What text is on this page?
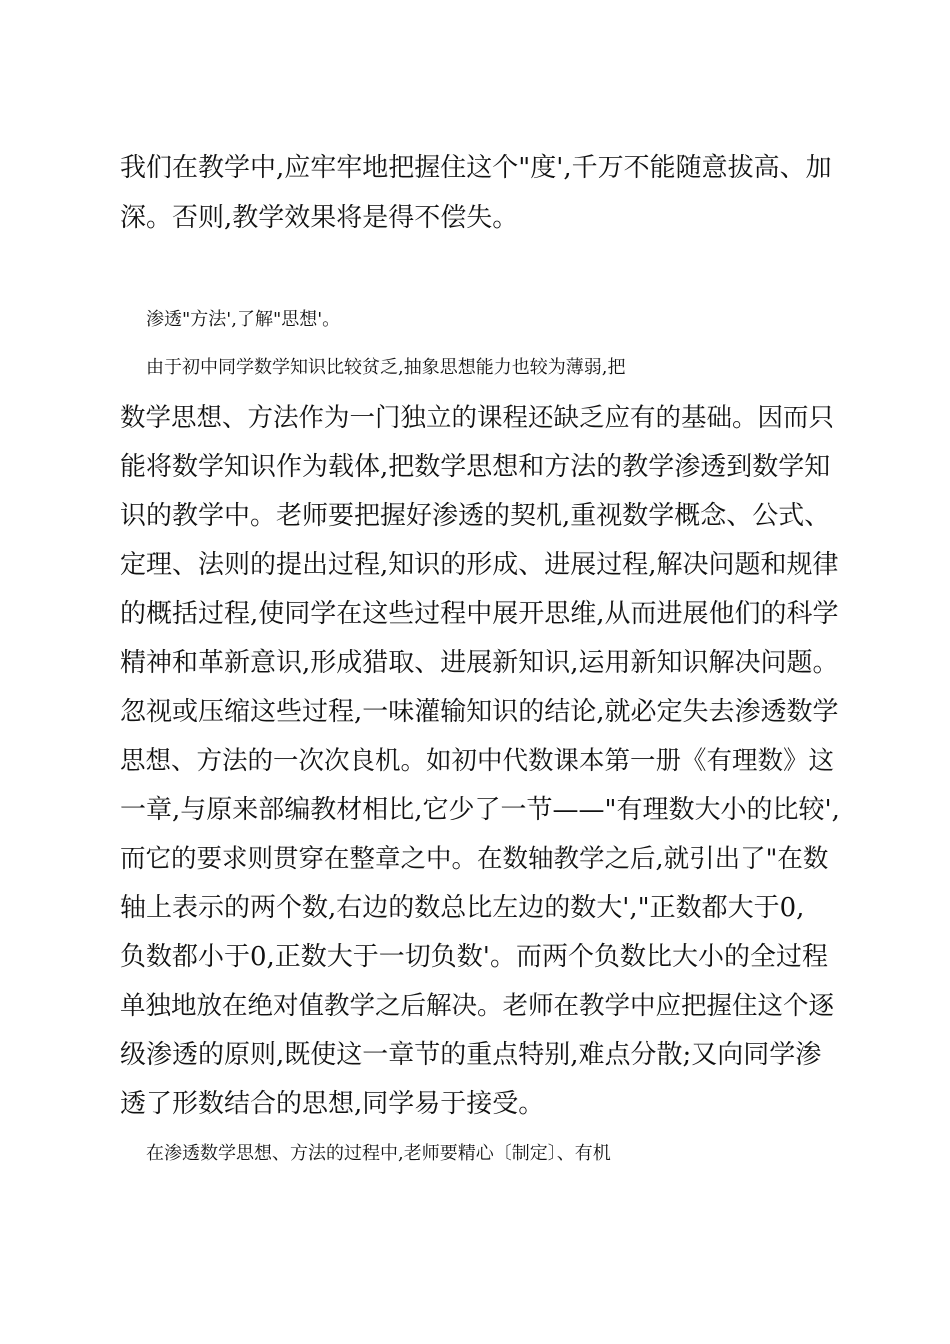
我们在教学中,应牢牢地把握住这个"度',千万不能随意拔高、加

深。否则,教学效果将是得不偿失。

渗透"方法',了解"思想'。

由于初中同学数学知识比较贫乏,抽象思想能力也较为薄弱,把

数学思想、方法作为一门独立的课程还缺乏应有的基础。因而只

能将数学知识作为载体,把数学思想和方法的教学渗透到数学知

识的教学中。老师要把握好渗透的契机,重视数学概念、公式、

定理、法则的提出过程,知识的形成、进展过程,解决问题和规律

的概括过程,使同学在这些过程中展开思维,从而进展他们的科学

精神和革新意识,形成猎取、进展新知识,运用新知识解决问题。

忽视或压缩这些过程,一味灌输知识的结论,就必定失去渗透数学

思想、方法的一次次良机。如初中代数课本第一册《有理数》这

一章,与原来部编教材相比,它少了一节——"有理数大小的比较',

而它的要求则贯穿在整章之中。在数轴教学之后,就引出了"在数

轴上表示的两个数,右边的数总比左边的数大',"正数都大于0,

负数都小于0,正数大于一切负数'。而两个负数比大小的全过程

单独地放在绝对值教学之后解决。老师在教学中应把握住这个逐

级渗透的原则,既使这一章节的重点特别,难点分散;又向同学渗

透了形数结合的思想,同学易于接受。

在渗透数学思想、方法的过程中,老师要精心〔制定〕、有机
